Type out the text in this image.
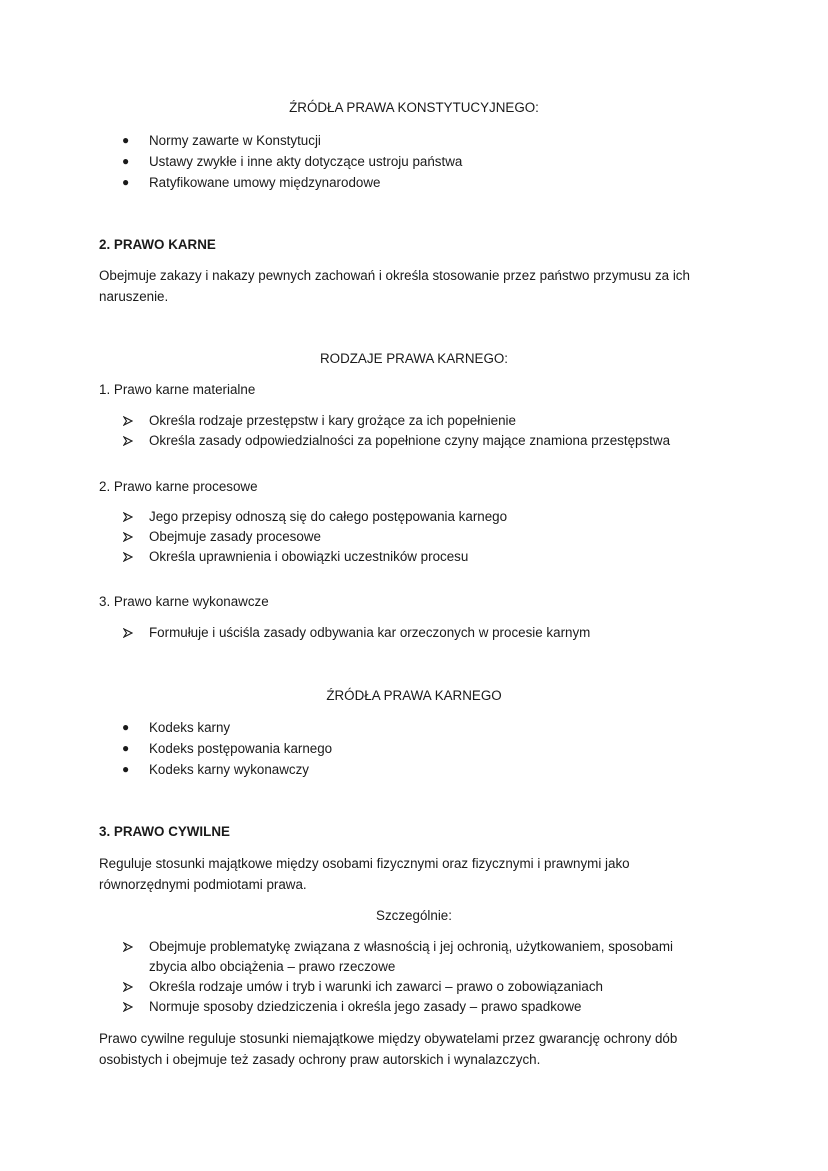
ŹRÓDŁA PRAWA KONSTYTUCYJNEGO:
● Normy zawarte w Konstytucji
● Ustawy zwykłe i inne akty dotyczące ustroju państwa
● Ratyfikowane umowy międzynarodowe
2. PRAWO KARNE
Obejmuje zakazy i nakazy pewnych zachowań i określa stosowanie przez państwo przymusu za ich
naruszenie.
RODZAJE PRAWA KARNEGO:
1. Prawo karne materialne
Określa rodzaje przestępstw i kary grożące za ich popełnienie
Określa zasady odpowiedzialności za popełnione czyny mające znamiona przestępstwa
2. Prawo karne procesowe
Jego przepisy odnoszą się do całego postępowania karnego
Obejmuje zasady procesowe
Określa uprawnienia i obowiązki uczestników procesu
3. Prawo karne wykonawcze
Formułuje i uściśla zasady odbywania kar orzeczonych w procesie karnym
ŹRÓDŁA PRAWA KARNEGO
● Kodeks karny
● Kodeks postępowania karnego
● Kodeks karny wykonawczy
3. PRAWO CYWILNE
Reguluje stosunki majątkowe między osobami fizycznymi oraz fizycznymi i prawnymi jako
równorzędnymi podmiotami prawa.
Szczególnie:
Obejmuje problematykę związana z własnością i jej ochronią, użytkowaniem, sposobami
zbycia albo obciążenia – prawo rzeczowe
Określa rodzaje umów i tryb i warunki ich zawarci – prawo o zobowiązaniach
Normuje sposoby dziedziczenia i określa jego zasady – prawo spadkowe
Prawo cywilne reguluje stosunki niemajątkowe między obywatelami przez gwarancję ochrony dób
osobistych i obejmuje też zasady ochrony praw autorskich i wynalazczych.
